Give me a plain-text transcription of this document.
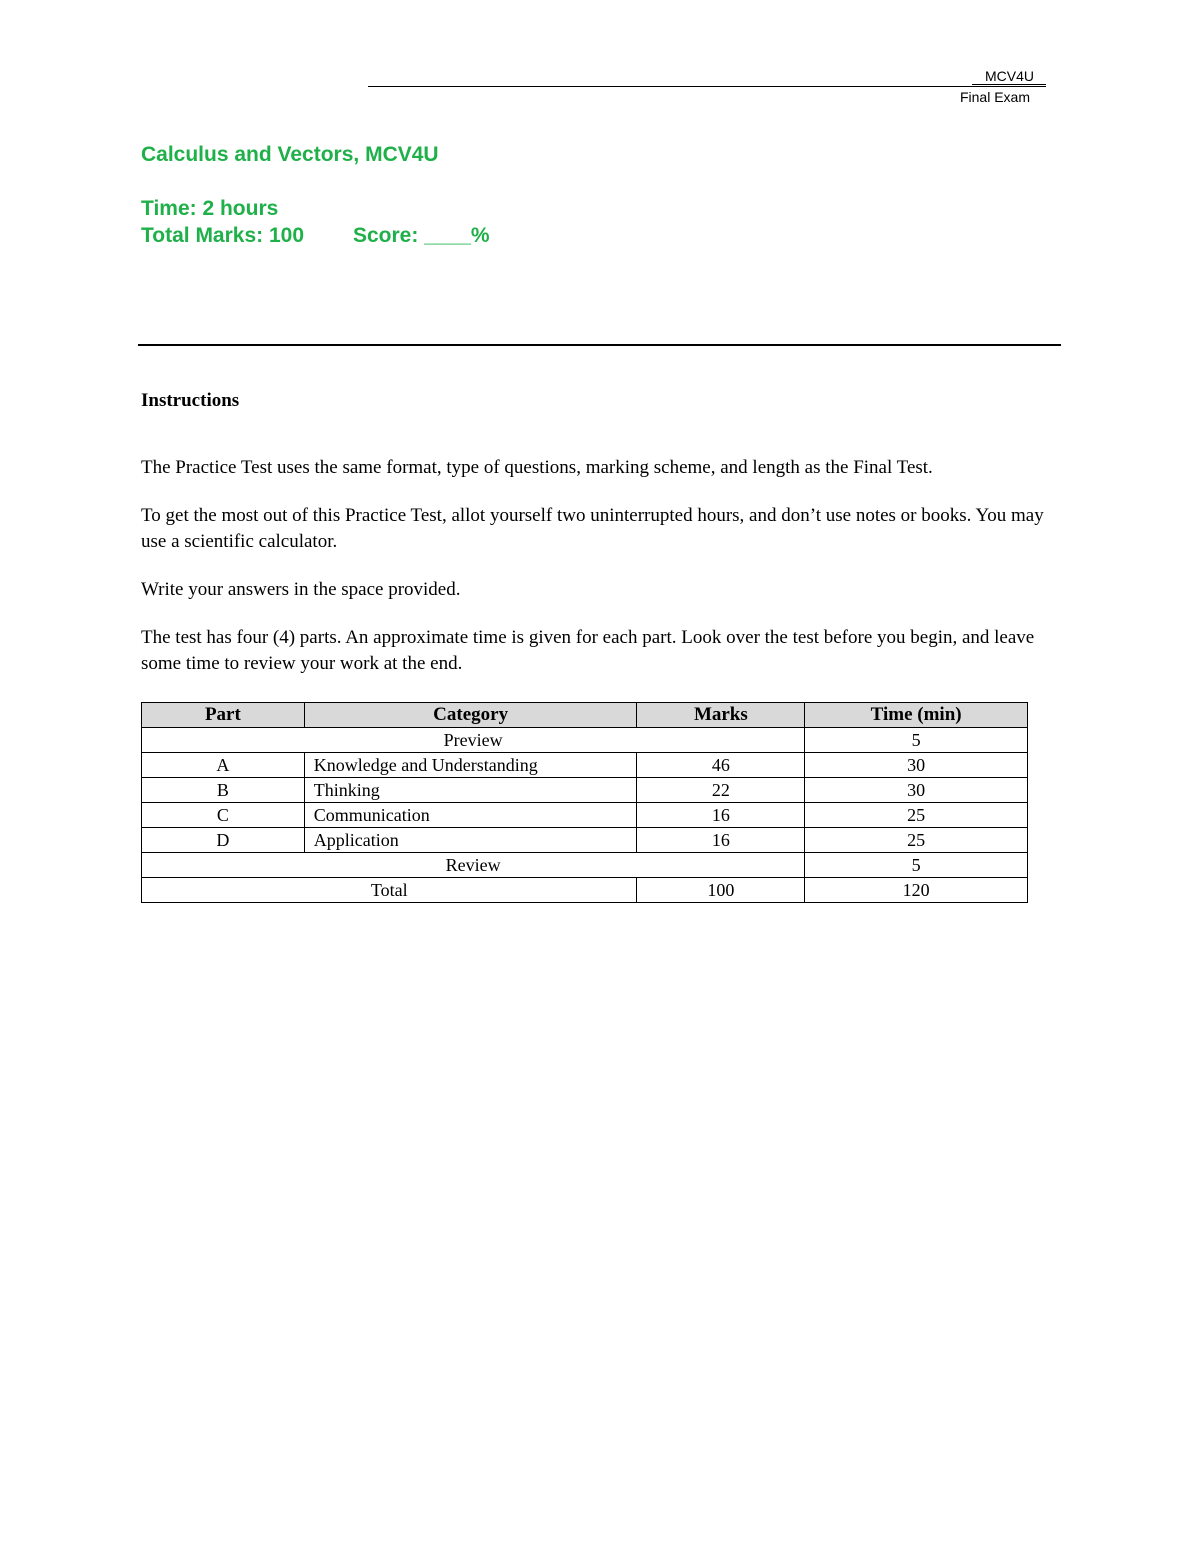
MCV4U
Final Exam
Calculus and Vectors, MCV4U
Time: 2 hours
Total Marks: 100 Score: ____%
Instructions
The Practice Test uses the same format, type of questions, marking scheme, and length as the Final Test.
To get the most out of this Practice Test, allot yourself two uninterrupted hours, and don’t use notes or books. You may use a scientific calculator.
Write your answers in the space provided.
The test has four (4) parts. An approximate time is given for each part. Look over the test before you begin, and leave some time to review your work at the end.
Part	Category	Marks	Time (min)
Preview			5
A	Knowledge and Understanding	46	30
B	Thinking	22	30
C	Communication	16	25
D	Application	16	25
Review			5
Total		100	120
